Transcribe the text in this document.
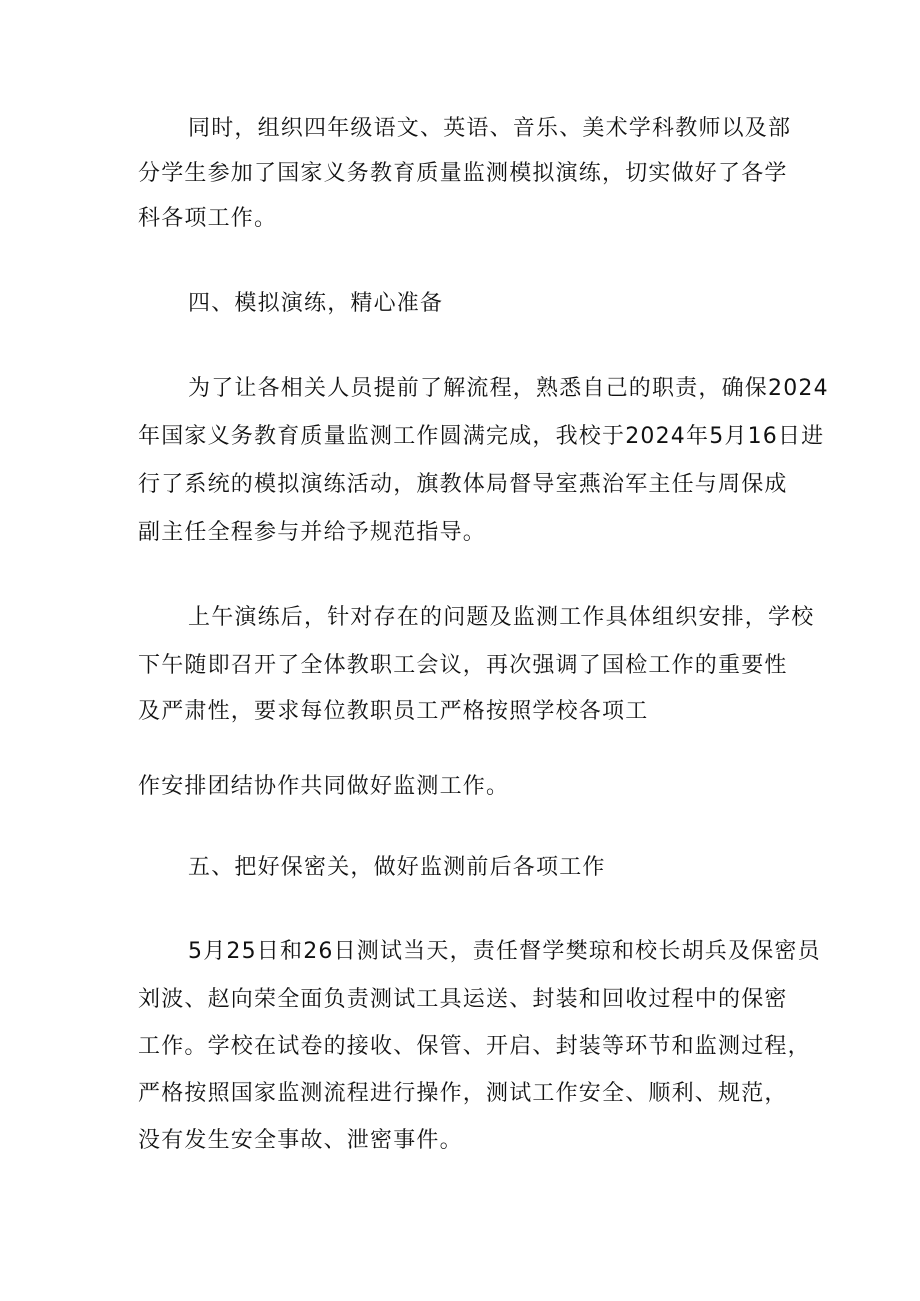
同时，组织四年级语文、英语、音乐、美术学科教师以及部
分学生参加了国家义务教育质量监测模拟演练，切实做好了各学
科各项工作。
四、模拟演练，精心准备
为了让各相关人员提前了解流程，熟悉自己的职责，确保2024
年国家义务教育质量监测工作圆满完成，我校于2024年5月16日进
行了系统的模拟演练活动，旗教体局督导室燕治军主任与周保成
副主任全程参与并给予规范指导。
上午演练后，针对存在的问题及监测工作具体组织安排，学校
下午随即召开了全体教职工会议，再次强调了国检工作的重要性
及严肃性，要求每位教职员工严格按照学校各项工
作安排团结协作共同做好监测工作。
五、把好保密关，做好监测前后各项工作
5月25日和26日测试当天，责任督学樊琼和校长胡兵及保密员
刘波、赵向荣全面负责测试工具运送、封装和回收过程中的保密
工作。学校在试卷的接收、保管、开启、封装等环节和监测过程，
严格按照国家监测流程进行操作，测试工作安全、顺利、规范，
没有发生安全事故、泄密事件。
